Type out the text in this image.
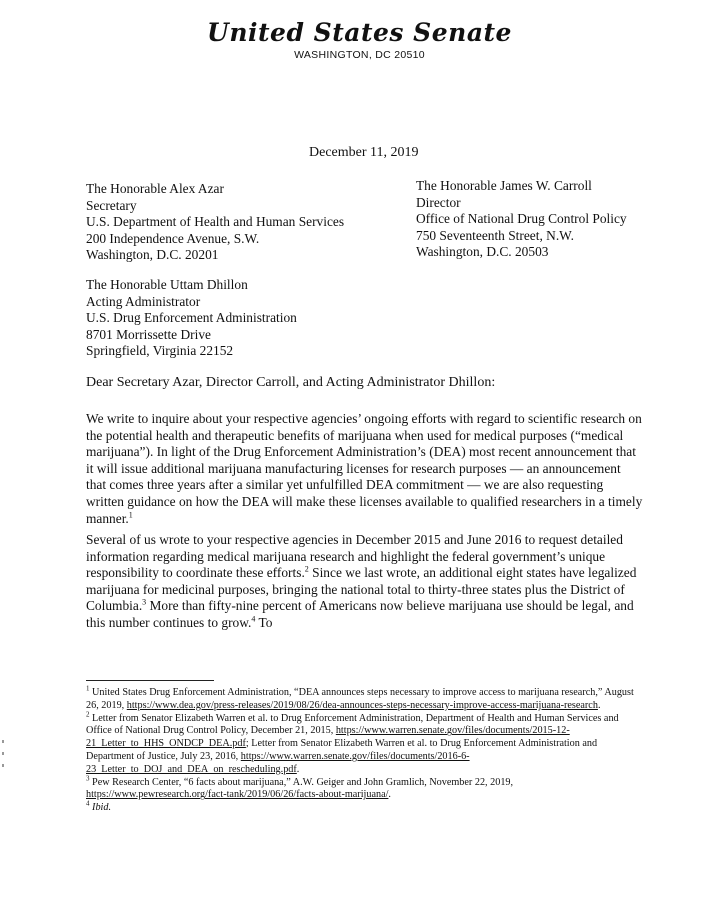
United States Senate
WASHINGTON, DC 20510
December 11, 2019
The Honorable Alex Azar
Secretary
U.S. Department of Health and Human Services
200 Independence Avenue, S.W.
Washington, D.C. 20201
The Honorable James W. Carroll
Director
Office of National Drug Control Policy
750 Seventeenth Street, N.W.
Washington, D.C. 20503
The Honorable Uttam Dhillon
Acting Administrator
U.S. Drug Enforcement Administration
8701 Morrissette Drive
Springfield, Virginia 22152
Dear Secretary Azar, Director Carroll, and Acting Administrator Dhillon:

We write to inquire about your respective agencies’ ongoing efforts with regard to scientific research on the potential health and therapeutic benefits of marijuana when used for medical purposes (“medical marijuana”). In light of the Drug Enforcement Administration’s (DEA) most recent announcement that it will issue additional marijuana manufacturing licenses for research purposes — an announcement that comes three years after a similar yet unfulfilled DEA commitment — we are also requesting written guidance on how the DEA will make these licenses available to qualified researchers in a timely manner.$^1$

Several of us wrote to your respective agencies in December 2015 and June 2016 to request detailed information regarding medical marijuana research and highlight the federal government’s unique responsibility to coordinate these efforts.$^2$ Since we last wrote, an additional eight states have legalized marijuana for medicinal purposes, bringing the national total to thirty-three states plus the District of Columbia.$^3$ More than fifty-nine percent of Americans now believe marijuana use should be legal, and this number continues to grow.$^4$ To

$^1$ United States Drug Enforcement Administration, “DEA announces steps necessary to improve access to marijuana research,” August 26, 2019, https://www.dea.gov/press-releases/2019/08/26/dea-announces-steps-necessary-improve-access-marijuana-research.

$^2$ Letter from Senator Elizabeth Warren et al. to Drug Enforcement Administration, Department of Health and Human Services and Office of National Drug Control Policy, December 21, 2015, https://www.warren.senate.gov/files/documents/2015-12-21_Letter_to_HHS_ONDCP_DEA.pdf; Letter from Senator Elizabeth Warren et al. to Drug Enforcement Administration and Department of Justice, July 23, 2016, https://www.warren.senate.gov/files/documents/2016-6-23_Letter_to_DOJ_and_DEA_on_rescheduling.pdf.

$^3$ Pew Research Center, “6 facts about marijuana,” A.W. Geiger and John Gramlich, November 22, 2019, https://www.pewresearch.org/fact-tank/2019/06/26/facts-about-marijuana/.

$^4$ Ibid.
